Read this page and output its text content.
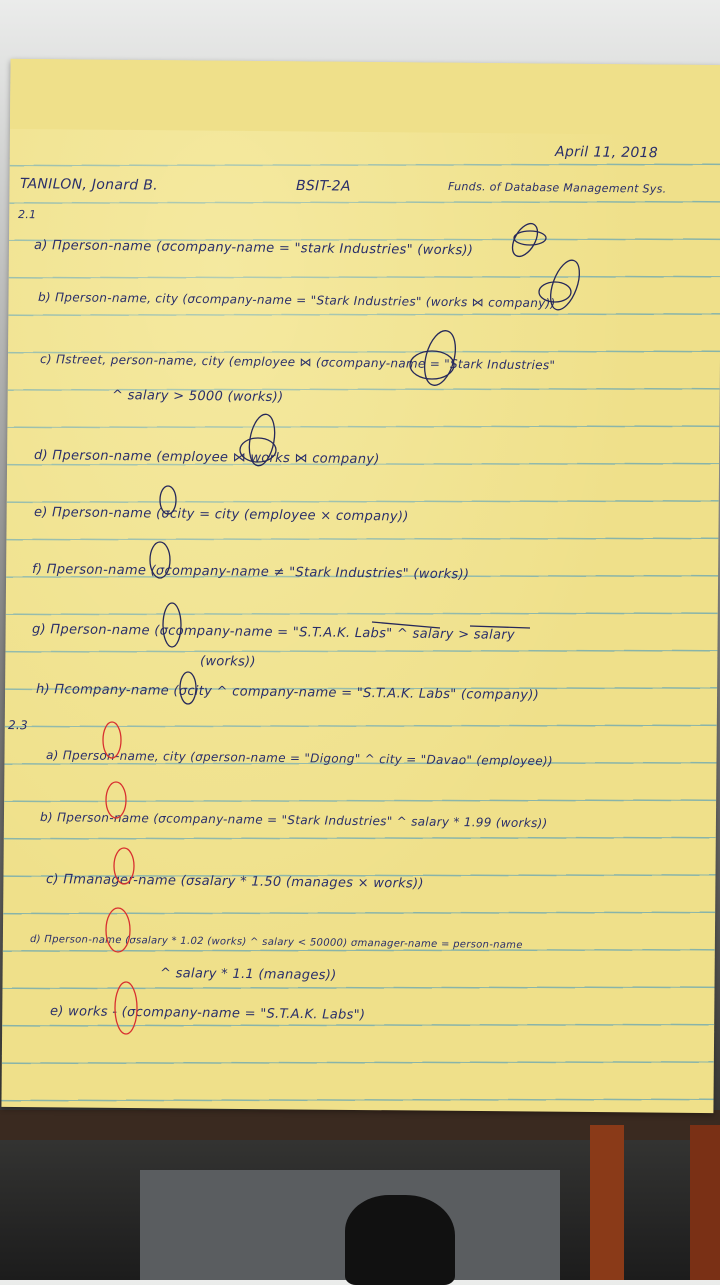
April 11, 2018
TANILON, Jonard B.	BSIT-2A	Funds. of Database Management Sys.
2.1
a) Πperson-name (σcompany-name = "stark Industries" (works))
b) Πperson-name, city (σcompany-name = "Stark Industries" (works ⋈ company))
c) Πstreet, person-name, city (employee ⋈ (σcompany-name = "Stark Industries"
^ salary > 5000 (works))
d) Πperson-name (employee ⋈ works ⋈ company)
e) Πperson-name (σcity = city (employee × company))
f) Πperson-name (σcompany-name ≠ "Stark Industries" (works))
g) Πperson-name (σcompany-name = "S.T.A.K. Labs" ^ salary > salary
(works))
h) Πcompany-name (σcity ^ company-name = "S.T.A.K. Labs" (company))
2.3
a) Πperson-name, city (σperson-name = "Digong" ^ city = "Davao" (employee))
b) Πperson-name (σcompany-name = "Stark Industries" ^ salary * 1.99 (works))
c) Πmanager-name (σsalary * 1.50 (manages × works))
d) Πperson-name (σsalary * 1.02 (works) ^ salary < 50000) σmanager-name = person-name
^ salary * 1.1 (manages))
e) works - (σcompany-name = "S.T.A.K. Labs")
